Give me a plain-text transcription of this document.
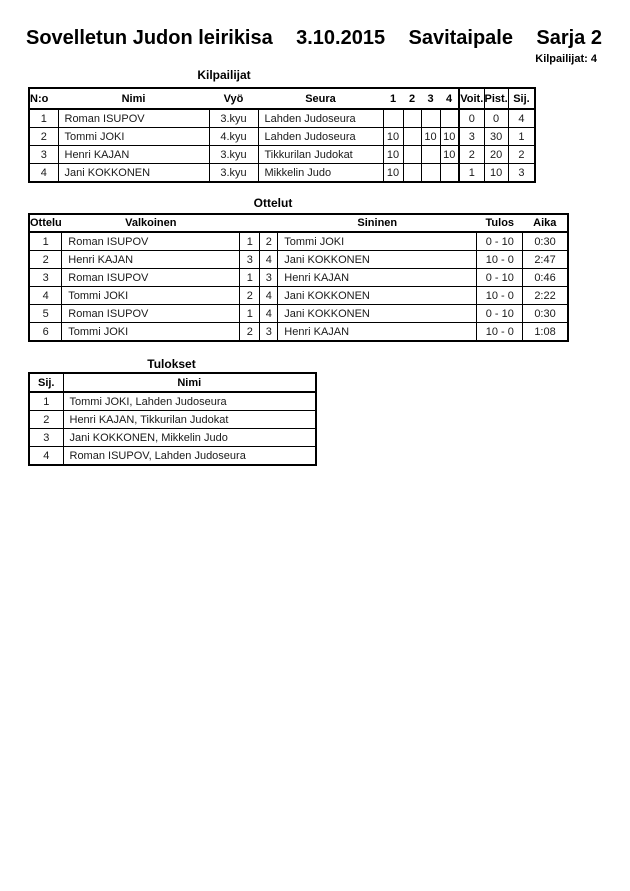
Sovelletun Judon leirikisa 3.10.2015 Savitaipale Sarja 2
Kilpailijat: 4
Kilpailijat
N:o	Nimi	Vyö	Seura	1	2	3	4	Voit.	Pist.	Sij.
1	Roman ISUPOV	3.kyu	Lahden Judoseura					0	0	4
2	Tommi JOKI	4.kyu	Lahden Judoseura	10		10	10	3	30	1
3	Henri KAJAN	3.kyu	Tikkurilan Judokat	10			10	2	20	2
4	Jani KOKKONEN	3.kyu	Mikkelin Judo	10				1	10	3
Ottelut
Ottelu	Valkoinen			Sininen	Tulos	Aika
1	Roman ISUPOV	1	2	Tommi JOKI	0 - 10	0:30
2	Henri KAJAN	3	4	Jani KOKKONEN	10 - 0	2:47
3	Roman ISUPOV	1	3	Henri KAJAN	0 - 10	0:46
4	Tommi JOKI	2	4	Jani KOKKONEN	10 - 0	2:22
5	Roman ISUPOV	1	4	Jani KOKKONEN	0 - 10	0:30
6	Tommi JOKI	2	3	Henri KAJAN	10 - 0	1:08
Tulokset
Sij.	Nimi
1	Tommi JOKI, Lahden Judoseura
2	Henri KAJAN, Tikkurilan Judokat
3	Jani KOKKONEN, Mikkelin Judo
4	Roman ISUPOV, Lahden Judoseura
